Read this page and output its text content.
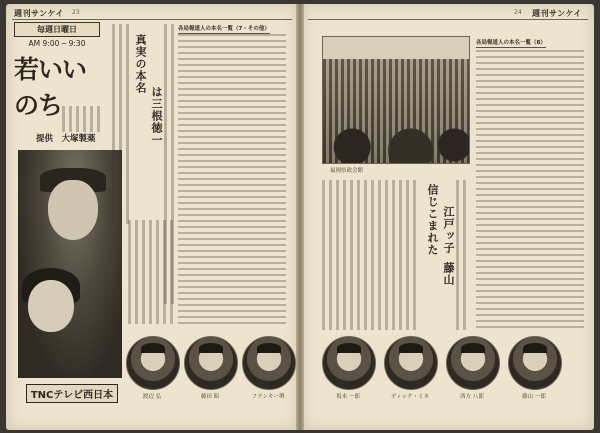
週刊サンケイ 23
毎週日曜日
AM 9:00 ─ 9:30
若いいのち
提供　大塚製薬
TNCテレビ西日本
真実の本名
は三根徳一
各局報道人の本名一覧（7・その他）
渡辺 弘	藤田 昭	フランキー堺
24 週刊サンケイ
福岡県政会館
信じこまれた 江戸ッ子
藤山
各局報道人の本名一覧（8）
坂本 一郎	ディック・ミネ	西方 八郎	藤山 一郎
